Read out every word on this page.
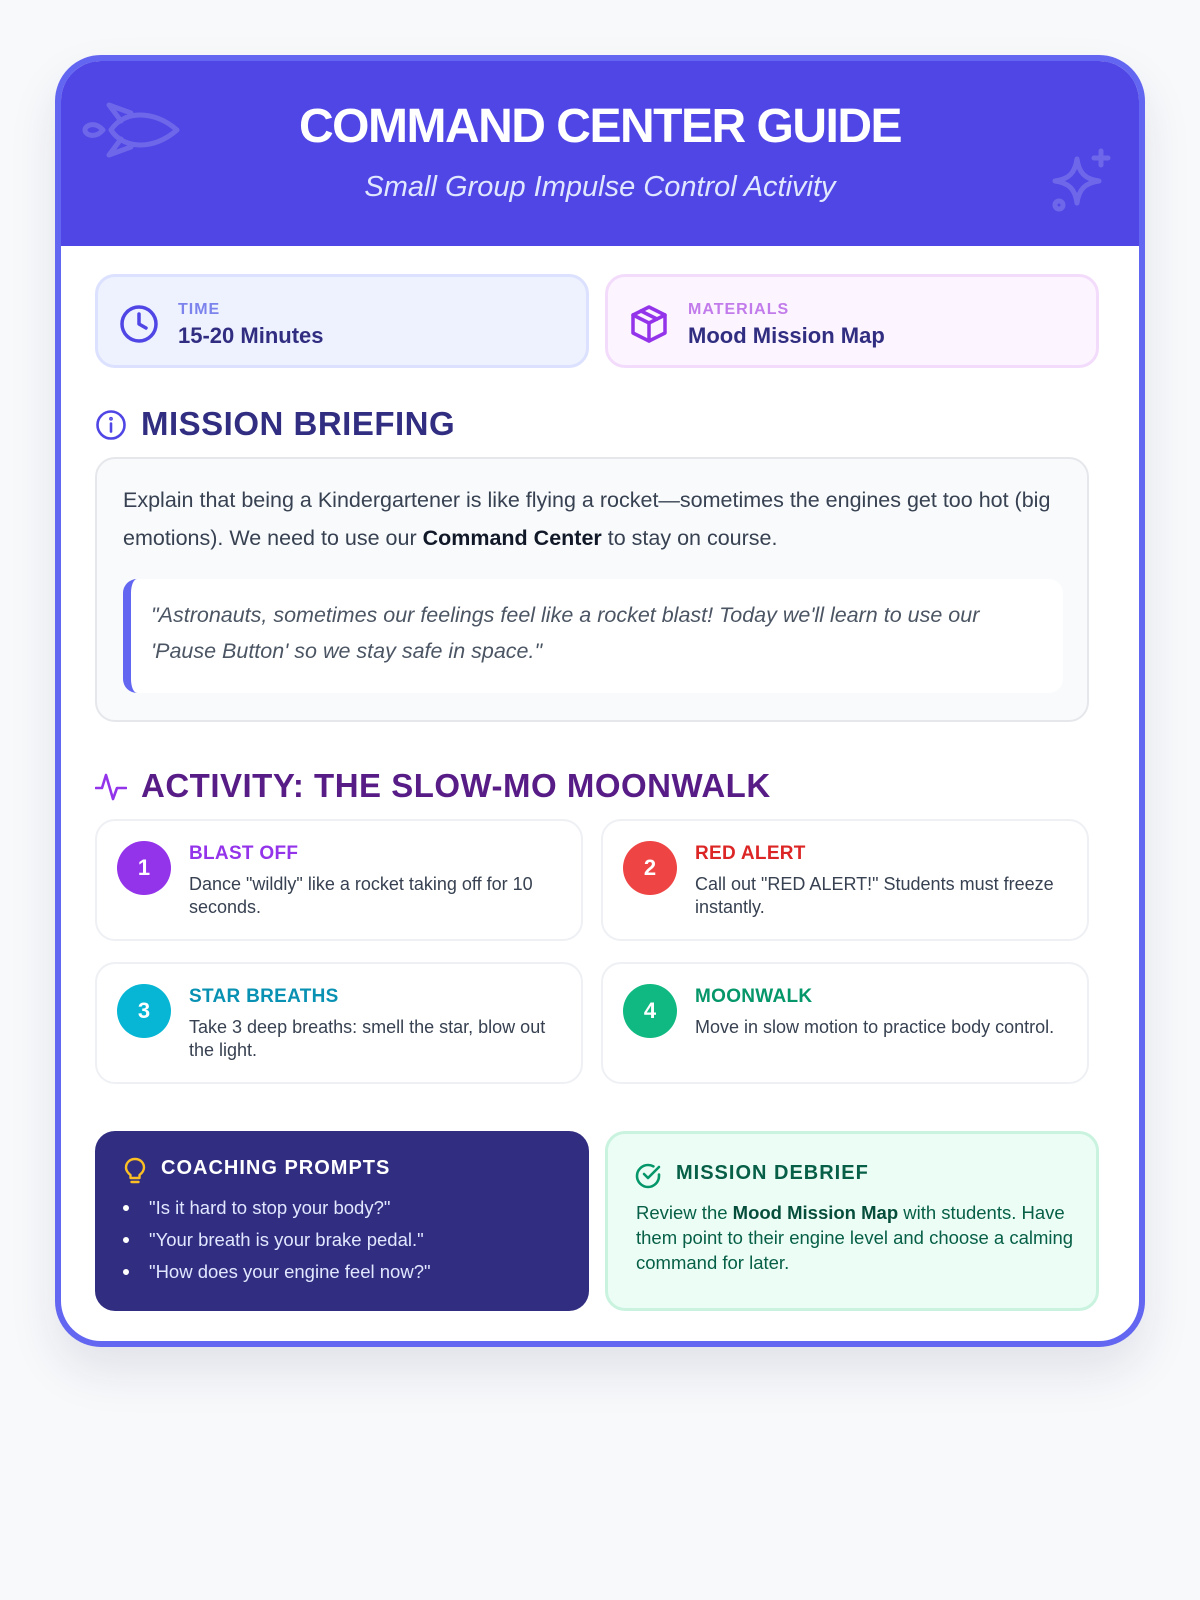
COMMAND CENTER GUIDE
Small Group Impulse Control Activity
TIME
15-20 Minutes
MATERIALS
Mood Mission Map
MISSION BRIEFING

Explain that being a Kindergartener is like flying a rocket—sometimes the engines get too hot (big emotions). We need to use our Command Center to stay on course.

"Astronauts, sometimes our feelings feel like a rocket blast! Today we'll learn to use our 'Pause Button' so we stay safe in space."
ACTIVITY: THE SLOW-MO MOONWALK
1
BLAST OFF
Dance "wildly" like a rocket taking off for 10 seconds.
2
RED ALERT
Call out "RED ALERT!" Students must freeze instantly.
3
STAR BREATHS
Take 3 deep breaths: smell the star, blow out the light.
4
MOONWALK
Move in slow motion to practice body control.
COACHING PROMPTS
"Is it hard to stop your body?"
"Your breath is your brake pedal."
"How does your engine feel now?"
MISSION DEBRIEF

Review the Mood Mission Map with students. Have them point to their engine level and choose a calming command for later.
